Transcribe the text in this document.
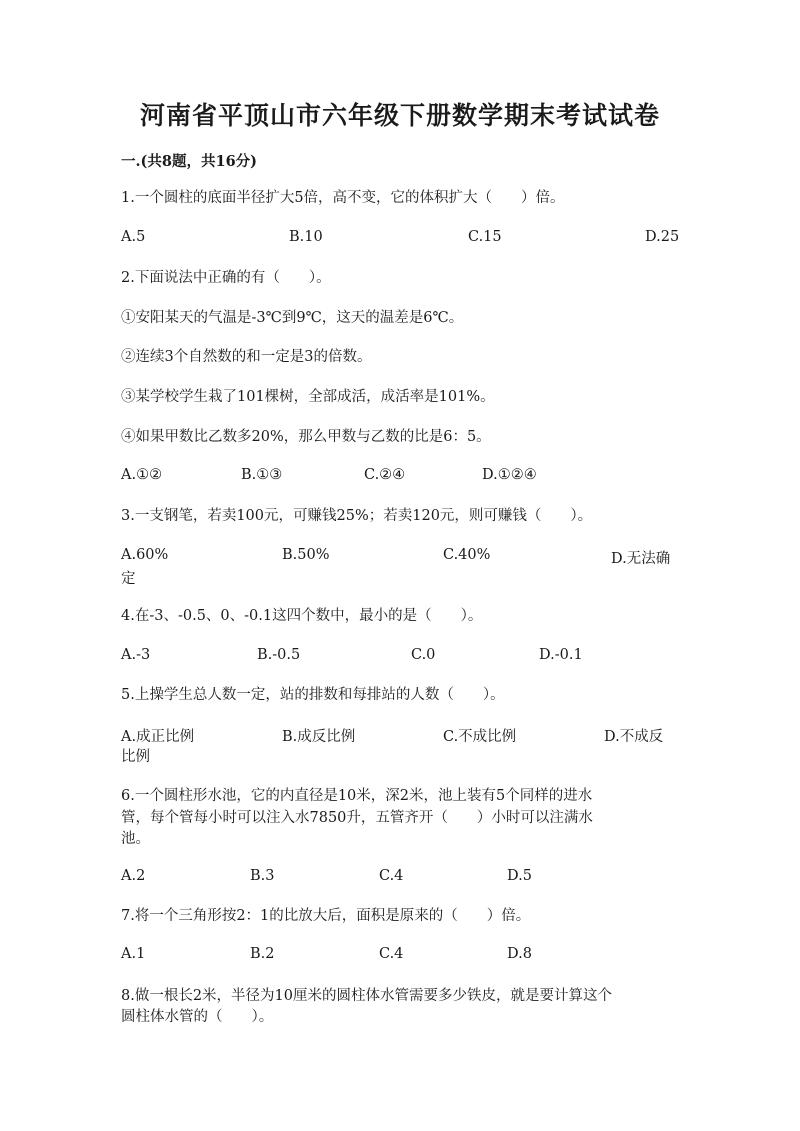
河南省平顶山市六年级下册数学期末考试试卷
一.(共8题，共16分)
1.一个圆柱的底面半径扩大5倍，高不变，它的体积扩大（　　）倍。
A.5	B.10	C.15	D.25
2.下面说法中正确的有（　　）。
①安阳某天的气温是-3℃到9℃，这天的温差是6℃。
②连续3个自然数的和一定是3的倍数。
③某学校学生栽了101棵树，全部成活，成活率是101%。
④如果甲数比乙数多20%，那么甲数与乙数的比是6：5。
A.①②	B.①③	C.②④	D.①②④
3.一支钢笔，若卖100元，可赚钱25%；若卖120元，则可赚钱（　　）。
A.60%	B.50%	C.40%	D.无法确
定
4.在-3、-0.5、0、-0.1这四个数中，最小的是（　　）。
A.-3	B.-0.5	C.0	D.-0.1
5.上操学生总人数一定，站的排数和每排站的人数（　　）。
A.成正比例	B.成反比例	C.不成比例	D.不成反
比例
6.一个圆柱形水池，它的内直径是10米，深2米，池上装有5个同样的进水
管，每个管每小时可以注入水7850升，五管齐开（　　）小时可以注满水
池。
A.2	B.3	C.4	D.5
7.将一个三角形按2：1的比放大后，面积是原来的（　　）倍。
A.1	B.2	C.4	D.8
8.做一根长2米，半径为10厘米的圆柱体水管需要多少铁皮，就是要计算这个
圆柱体水管的（　　）。
